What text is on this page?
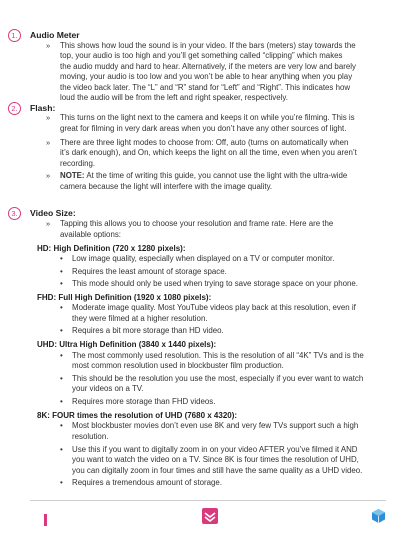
1. Audio Meter
» This shows how loud the sound is in your video. If the bars (meters) stay towards the
top, your audio is too high and you’ll get something called “clipping” which makes
the audio muddy and hard to hear. Alternatively, if the meters are very low and barely
moving, your audio is too low and you won’t be able to hear anything when you play
the video back later. The “L” and “R” stand for “Left” and “Right”. This indicates how
loud the audio will be from the left and right speaker, respectively.
2. Flash:
» This turns on the light next to the camera and keeps it on while you’re filming. This is
great for filming in very dark areas when you don’t have any other sources of light.
» There are three light modes to choose from: Off, auto (turns on automatically when
it’s dark enough), and On, which keeps the light on all the time, even when you aren’t
recording.
» NOTE: At the time of writing this guide, you cannot use the light with the ultra-wide
camera because the light will interfere with the image quality.
3. Video Size:
» Tapping this allows you to choose your resolution and frame rate. Here are the
available options:
HD: High Definition (720 x 1280 pixels):
• Low image quality, especially when displayed on a TV or computer monitor.
• Requires the least amount of storage space.
• This mode should only be used when trying to save storage space on your phone.
FHD: Full High Definition (1920 x 1080 pixels):
• Moderate image quality. Most YouTube videos play back at this resolution, even if
they were filmed at a higher resolution.
• Requires a bit more storage than HD video.
UHD: Ultra High Definition (3840 x 1440 pixels):
• The most commonly used resolution. This is the resolution of all “4K” TVs and is the
most common resolution used in blockbuster film production.
• This should be the resolution you use the most, especially if you ever want to watch
your videos on a TV.
• Requires more storage than FHD videos.
8K: FOUR times the resolution of UHD (7680 x 4320):
• Most blockbuster movies don’t even use 8K and very few TVs support such a high
resolution.
• Use this if you want to digitally zoom in on your video AFTER you’ve filmed it AND
you want to watch the video on a TV. Since 8K is four times the resolution of UHD,
you can digitally zoom in four times and still have the same quality as a UHD video.
• Requires a tremendous amount of storage.
